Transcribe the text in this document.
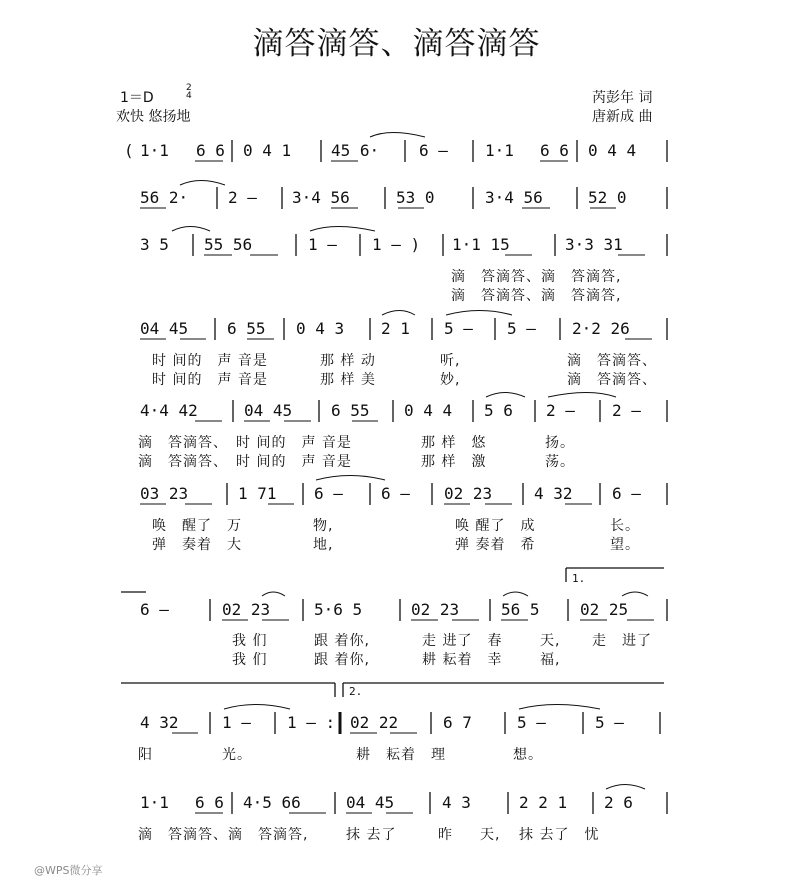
滴答滴答、滴答滴答
1＝D
2
4
欢快 悠扬地
芮彭年 词
唐新成 曲
( 1·1 6 6 0 4 1 45 6· 6 – 1·1 6 6 0 4 4
56 2· 2 – 3·4 56	53 0	3·4 56	52 0
3 5 55 56	1 – 1 – ) 1·1 15	3·3 31
04 45 6 55 0 4 3 2 1 5 – 5 – 2·2 26
4·4 42	04 45 6 55 0 4 4 5 6 2 – 2 –
03 23	1 71 6 – 6 – 02 23	4 32 6 –
1.
6 –	02 23	5·6 5	02 23	56 5	02 25
2.
4 32	1 – 1 – : 02 22	6 7	5 –	5 –
1·1 6 6 4·5 66	04 45	4 3	2 2 1 2 6
滴　答滴答、滴　答滴答,
滴　答滴答、滴　答滴答,
时 间的　声 音是	那 样 动	听,	滴　答滴答、
时 间的　声 音是	那 样 美	妙,	滴　答滴答、
滴　答滴答、　时 间的　声 音是	那 样　悠	扬。
滴　答滴答、　时 间的　声 音是	那 样　激	荡。
唤　醒了　万	物,	唤 醒了　成	长。
弹　奏着　大	地,	弹 奏着　希	望。
我 们	跟 着你,	走 进了　春	天, 走　进了
我 们	跟 着你,	耕 耘着　幸	福,
阳	光。	耕　耘着　理	想。
滴　答滴答、滴　答滴答,	抹 去了	昨 天, 抹 去了　忧
@WPS微分享
